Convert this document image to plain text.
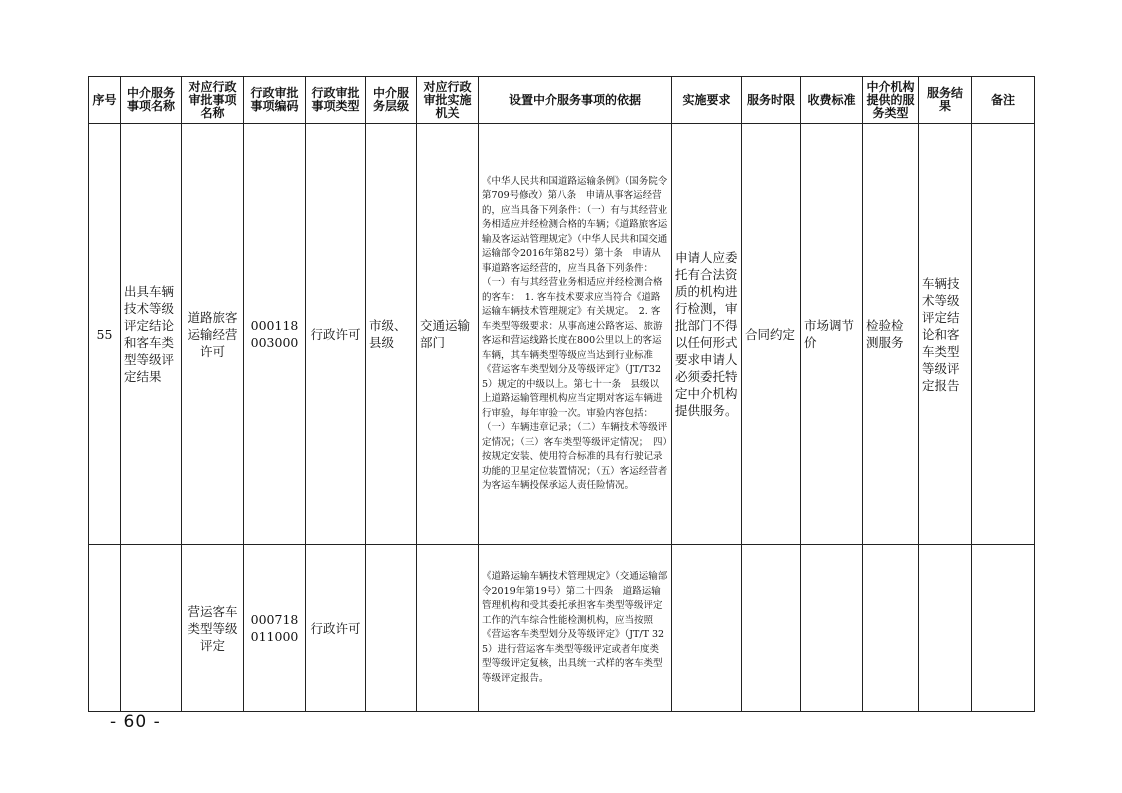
序号	中介服务事项名称	对应行政审批事项名称	行政审批事项编码	行政审批事项类型	中介服务层级	对应行政审批实施机关	设置中介服务事项的依据	实施要求	服务时限	收费标准	中介机构提供的服务类型	服务结果	备注
55	出具车辆技术等级评定结论和客车类型等级评定结果	道路旅客运输经营许可	000118003000	行政许可	市级、县级	交通运输部门	《中华人民共和国道路运输条例》（国务院令第709号修改）第八条　申请从事客运经营的，应当具备下列条件：（一）有与其经营业务相适应并经检测合格的车辆；《道路旅客运输及客运站管理规定》（中华人民共和国交通运输部令2016年第82号）第十条　申请从事道路客运经营的，应当具备下列条件：（一）有与其经营业务相适应并经检测合格的客车：　1. 客车技术要求应当符合《道路运输车辆技术管理规定》有关规定。　2. 客车类型等级要求：从事高速公路客运、旅游客运和营运线路长度在800公里以上的客运车辆，其车辆类型等级应当达到行业标准《营运客车类型划分及等级评定》（JT/T325）规定的中级以上。第七十一条　县级以上道路运输管理机构应当定期对客运车辆进行审验，每年审验一次。审验内容包括：（一）车辆违章记录；（二）车辆技术等级评定情况；（三）客车类型等级评定情况；　四）按规定安装、使用符合标准的具有行驶记录功能的卫星定位装置情况；（五）客运经营者为客运车辆投保承运人责任险情况。	申请人应委托有合法资质的机构进行检测，审批部门不得以任何形式要求申请人必须委托特定中介机构提供服务。	合同约定	市场调节价	检验检测服务	车辆技术等级评定结论和客车类型等级评定报告	
		营运客车类型等级评定	000718011000	行政许可			《道路运输车辆技术管理规定》（交通运输部令2019年第19号）第二十四条　道路运输管理机构和受其委托承担客车类型等级评定工作的汽车综合性能检测机构，应当按照《营运客车类型划分及等级评定》（JT/T 325）进行营运客车类型等级评定或者年度类型等级评定复核，出具统一式样的客车类型等级评定报告。						

- 60 -
